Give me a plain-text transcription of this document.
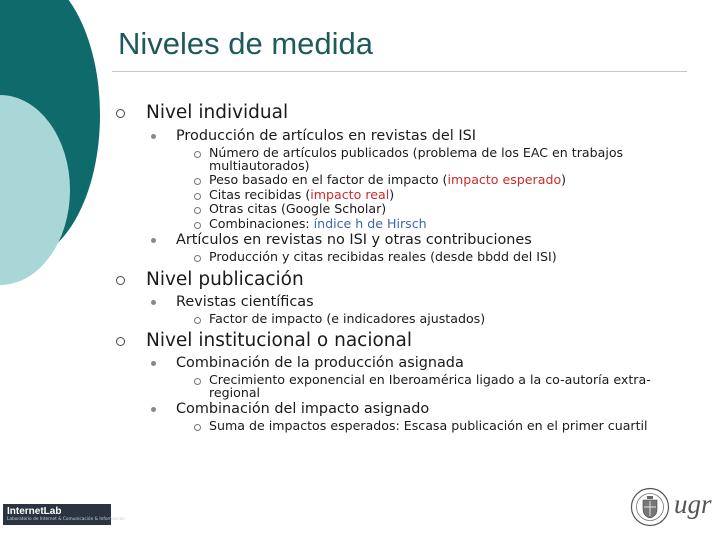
Niveles de medida
Nivel individual
Producción de artículos en revistas del ISI
Número de artículos publicados (problema de los EAC en trabajos multiautorados)
Peso basado en el factor de impacto (impacto esperado)
Citas recibidas (impacto real)
Otras citas (Google Scholar)
Combinaciones: índice h de Hirsch
Artículos en revistas no ISI y otras contribuciones
Producción y citas recibidas reales (desde bbdd del ISI)
Nivel publicación
Revistas científicas
Factor de impacto (e indicadores ajustados)
Nivel institucional o nacional
Combinación de la producción asignada
Crecimiento exponencial en Iberoamérica ligado a la co-autoría extra-regional
Combinación del impacto asignado
Suma de impactos esperados: Escasa publicación en el primer cuartil
InternetLab
Laboratorio de Internet & Comunicación & Información
ugr
